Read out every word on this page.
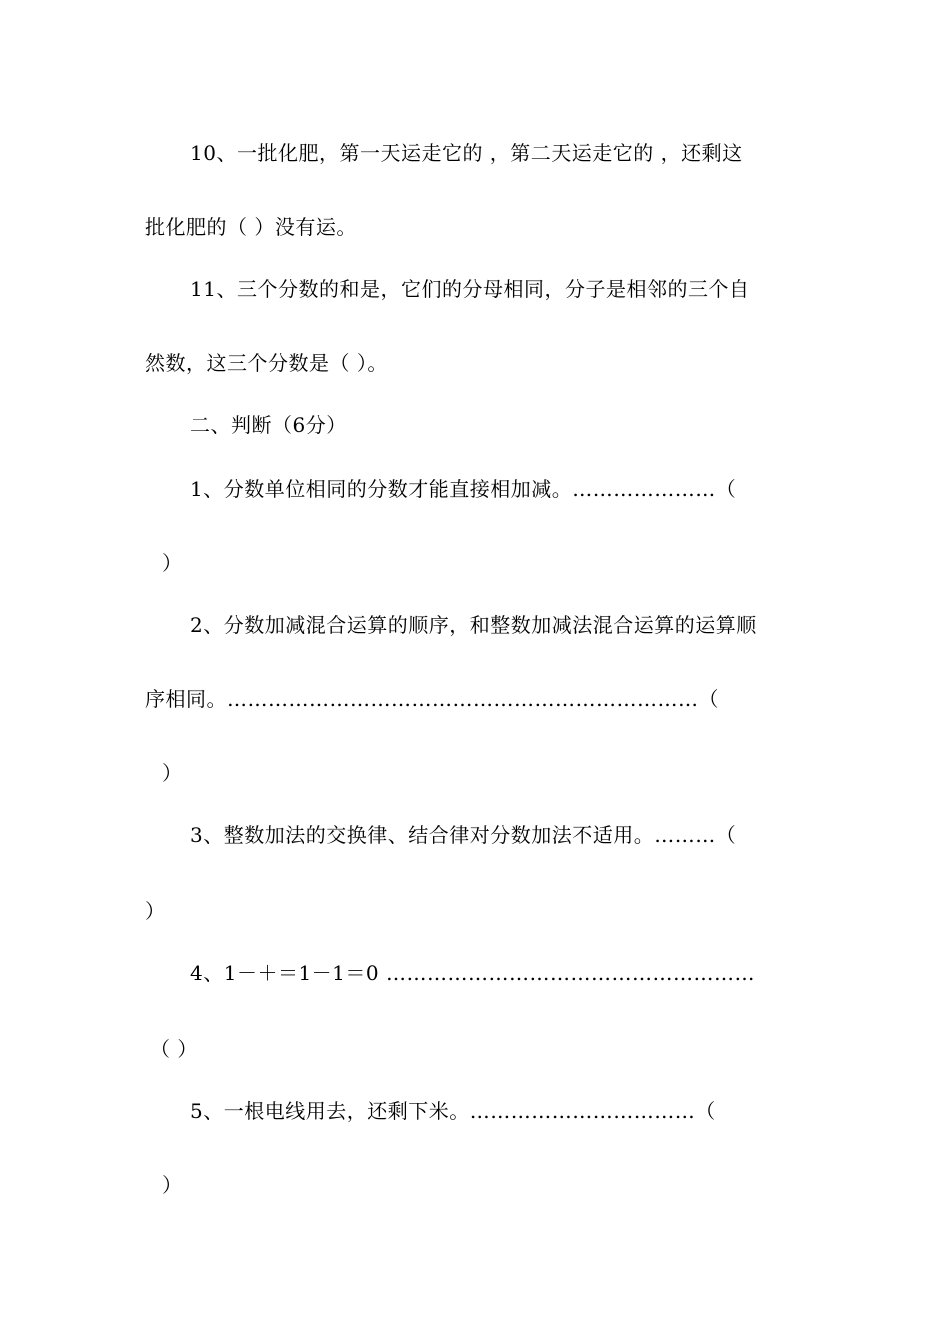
10、一批化肥，第一天运走它的 ，第二天运走它的 ，还剩这
批化肥的（ ）没有运。
11、三个分数的和是，它们的分母相同，分子是相邻的三个自
然数，这三个分数是（ ）。
二、判断（6分）
1、分数单位相同的分数才能直接相加减。…………………（
）
2、分数加减混合运算的顺序，和整数加减法混合运算的运算顺
序相同。……………………………………………………………（
）
3、整数加法的交换律、结合律对分数加法不适用。………（
）
4、1－＋＝1－1＝0 ………………………………………………
（ ）
5、一根电线用去，还剩下米。……………………………（
）
